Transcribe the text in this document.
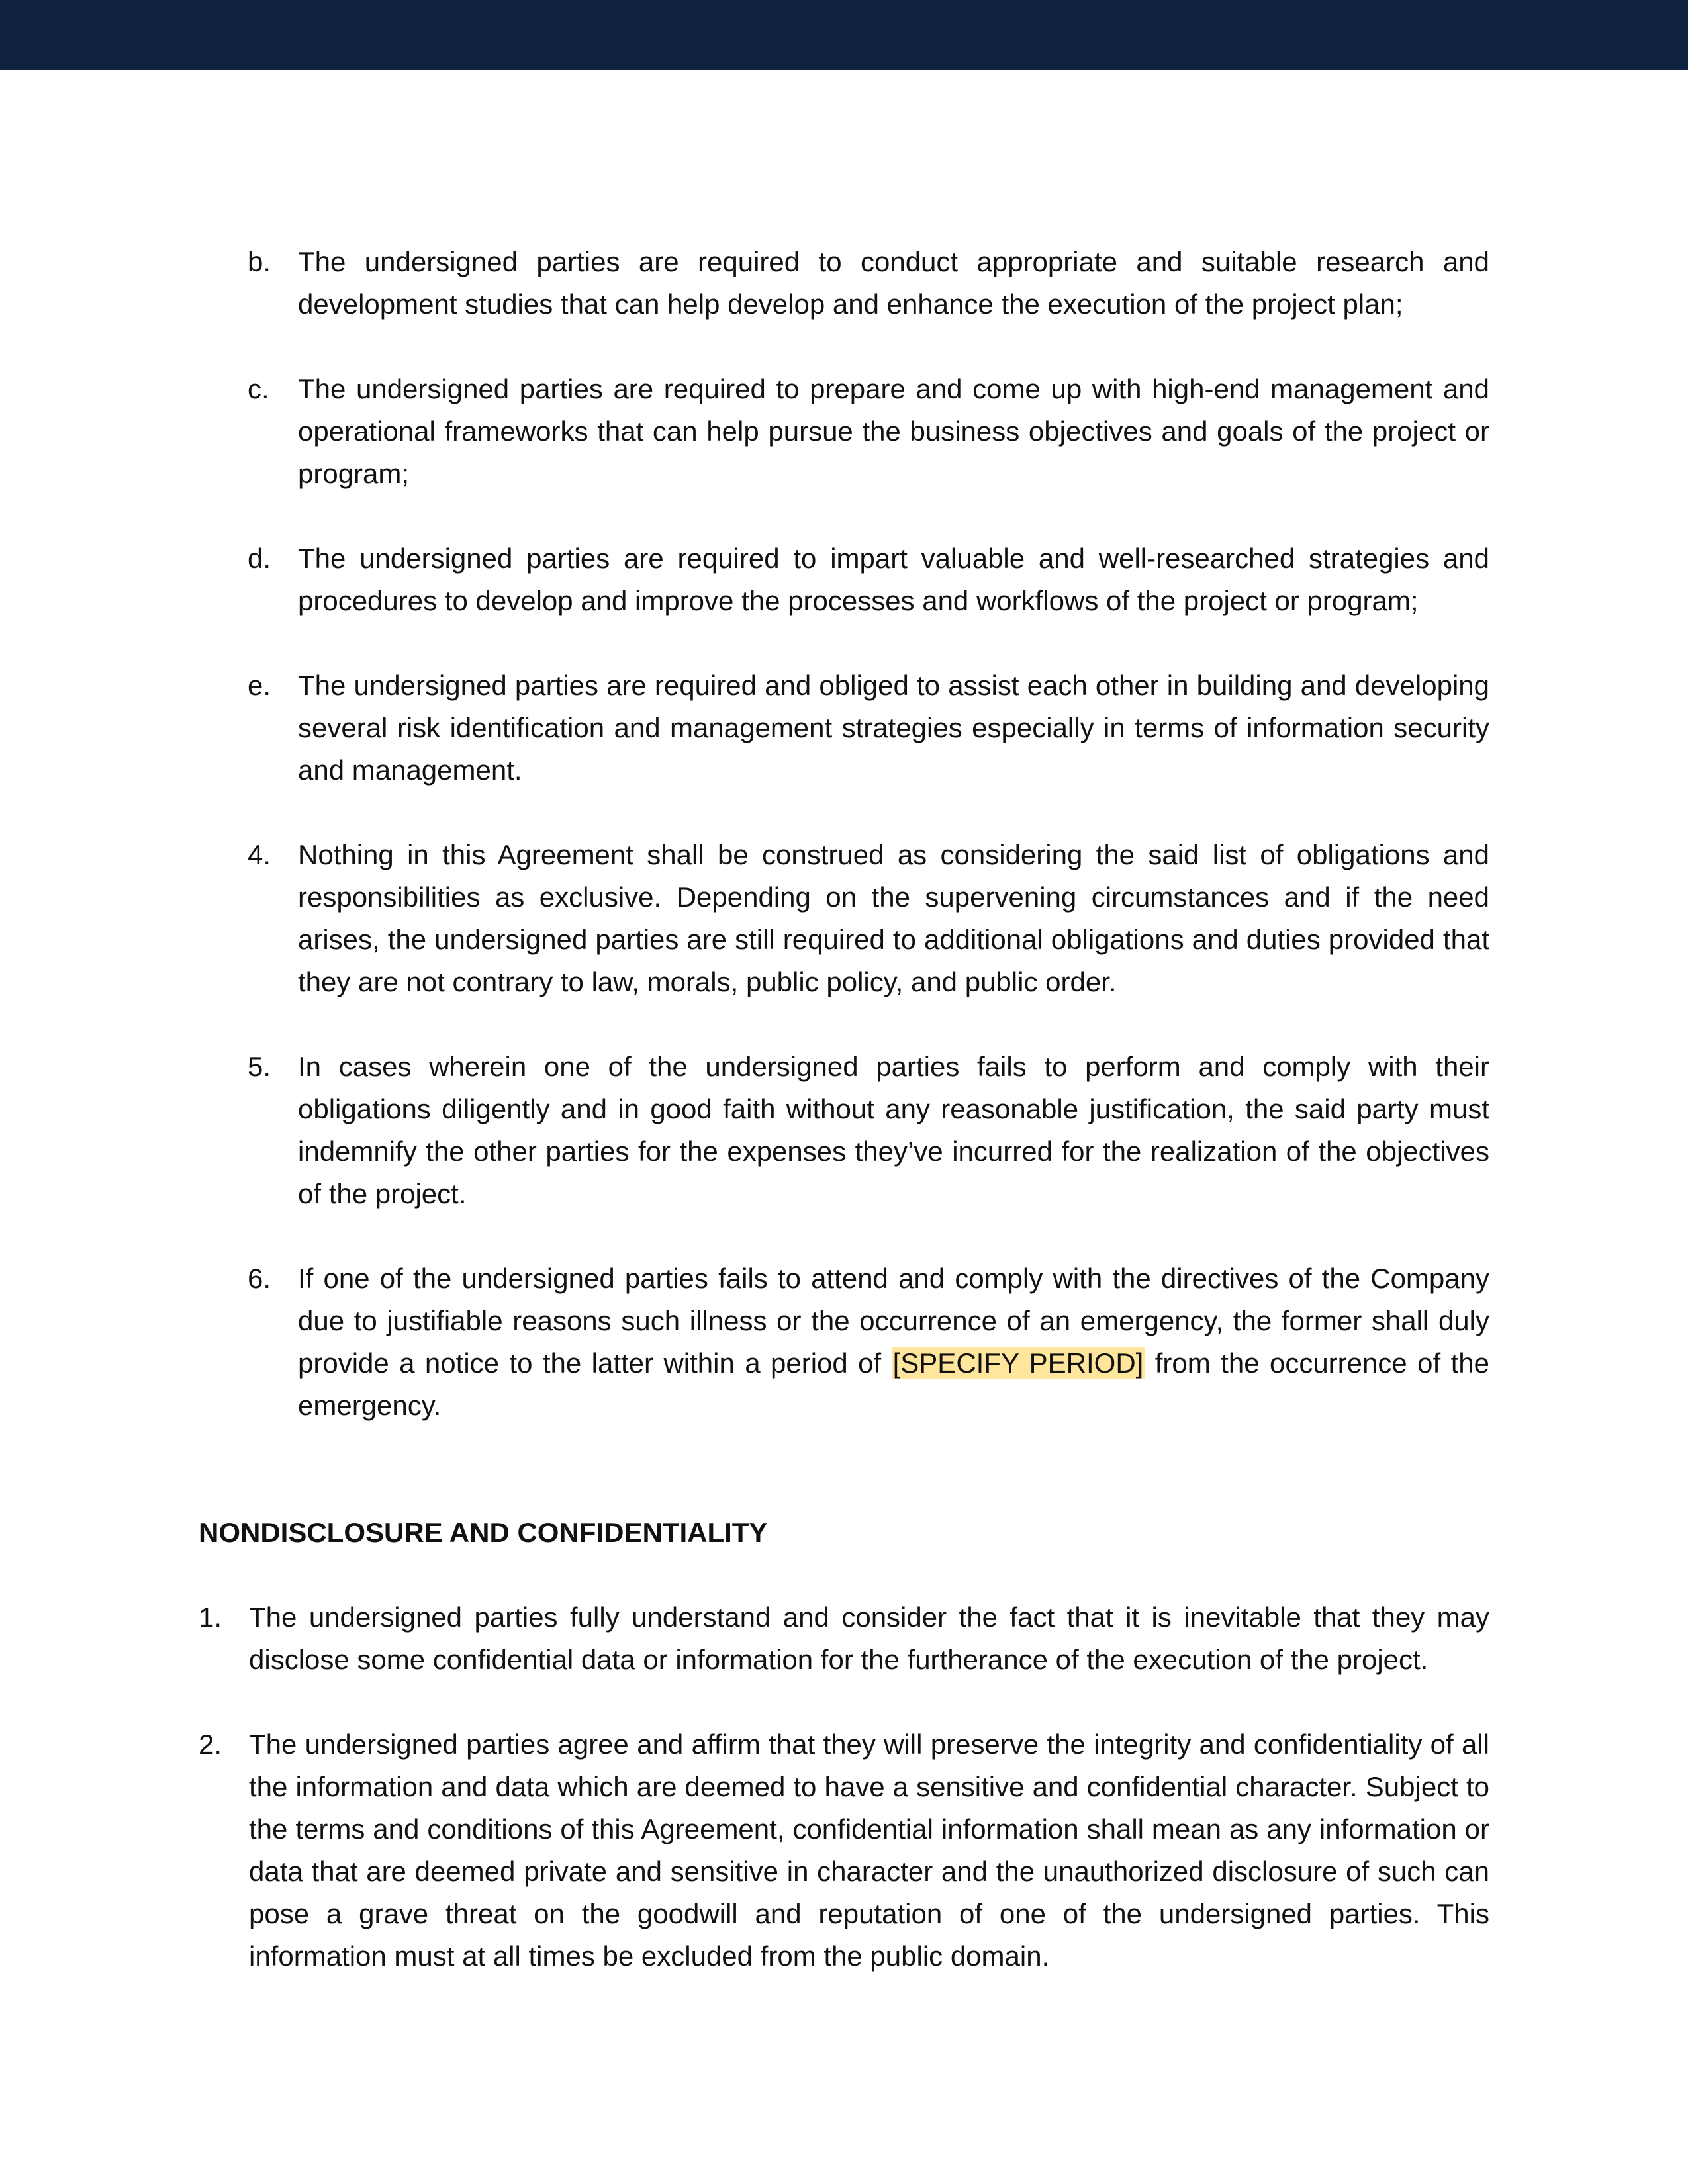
b. The undersigned parties are required to conduct appropriate and suitable research and development studies that can help develop and enhance the execution of the project plan;
c.	The undersigned parties are required to prepare and come up with high-end management and operational frameworks that can help pursue the business objectives and goals of the project or program;
d. The undersigned parties are required to impart valuable and well-researched strategies and procedures to develop and improve the processes and workflows of the project or program;
e. The undersigned parties are required and obliged to assist each other in building and developing several risk identification and management strategies especially in terms of information security and management.
4. Nothing in this Agreement shall be construed as considering the said list of obligations and responsibilities as exclusive. Depending on the supervening circumstances and if the need arises, the undersigned parties are still required to additional obligations and duties provided that they are not contrary to law, morals, public policy, and public order.
5. In cases wherein one of the undersigned parties fails to perform and comply with their obligations diligently and in good faith without any reasonable justification, the said party must indemnify the other parties for the expenses they’ve incurred for the realization of the objectives of the project.
6. If one of the undersigned parties fails to attend and comply with the directives of the Company due to justifiable reasons such illness or the occurrence of an emergency, the former shall duly provide a notice to the latter within a period of [SPECIFY PERIOD] from the occurrence of the emergency.
NONDISCLOSURE AND CONFIDENTIALITY
1. The undersigned parties fully understand and consider the fact that it is inevitable that they may disclose some confidential data or information for the furtherance of the execution of the project.
2. The undersigned parties agree and affirm that they will preserve the integrity and confidentiality of all the information and data which are deemed to have a sensitive and confidential character. Subject to the terms and conditions of this Agreement, confidential information shall mean as any information or data that are deemed private and sensitive in character and the unauthorized disclosure of such can pose a grave threat on the goodwill and reputation of one of the undersigned parties. This information must at all times be excluded from the public domain.
